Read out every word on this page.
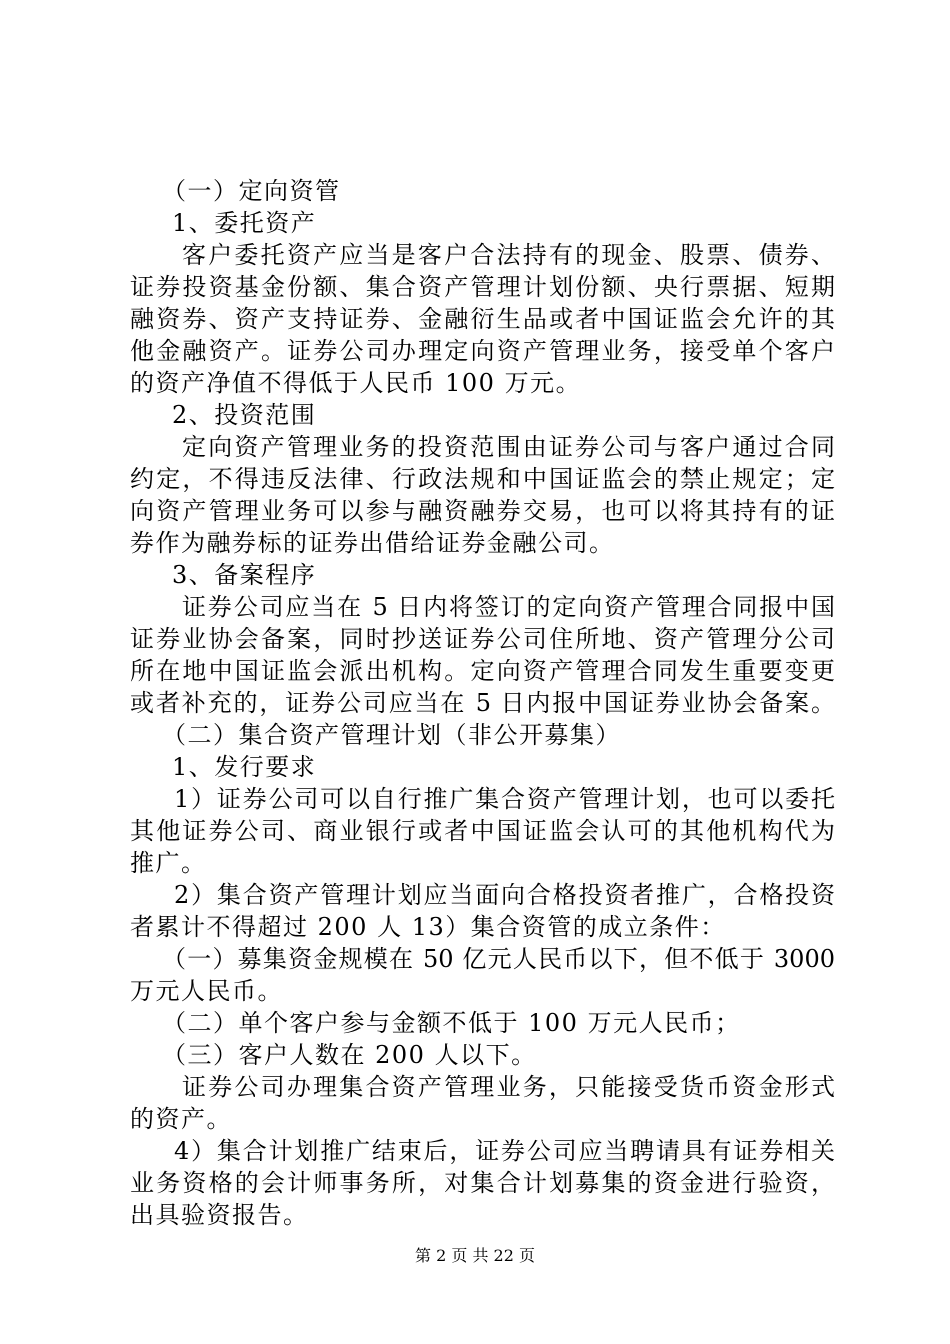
（一）定向资管
1、委托资产
客户委托资产应当是客户合法持有的现金、股票、债券、
证券投资基金份额、集合资产管理计划份额、央行票据、短期
融资券、资产支持证券、金融衍生品或者中国证监会允许的其
他金融资产。证券公司办理定向资产管理业务，接受单个客户
的资产净值不得低于人民币 100 万元。
2、投资范围
定向资产管理业务的投资范围由证券公司与客户通过合同
约定，不得违反法律、行政法规和中国证监会的禁止规定；定
向资产管理业务可以参与融资融券交易，也可以将其持有的证
券作为融券标的证券出借给证券金融公司。
3、备案程序
证券公司应当在 5 日内将签订的定向资产管理合同报中国
证券业协会备案，同时抄送证券公司住所地、资产管理分公司
所在地中国证监会派出机构。定向资产管理合同发生重要变更
或者补充的，证券公司应当在 5 日内报中国证券业协会备案。
（二）集合资产管理计划（非公开募集）
1、发行要求
1）证券公司可以自行推广集合资产管理计划，也可以委托
其他证券公司、商业银行或者中国证监会认可的其他机构代为
推广。
2）集合资产管理计划应当面向合格投资者推广，合格投资
者累计不得超过 200 人 13）集合资管的成立条件：
（一）募集资金规模在 50 亿元人民币以下，但不低于 3000
万元人民币。
（二）单个客户参与金额不低于 100 万元人民币；
（三）客户人数在 200 人以下。
证券公司办理集合资产管理业务，只能接受货币资金形式
的资产。
4）集合计划推广结束后，证券公司应当聘请具有证券相关
业务资格的会计师事务所，对集合计划募集的资金进行验资，
出具验资报告。
第 2 页 共 22 页
